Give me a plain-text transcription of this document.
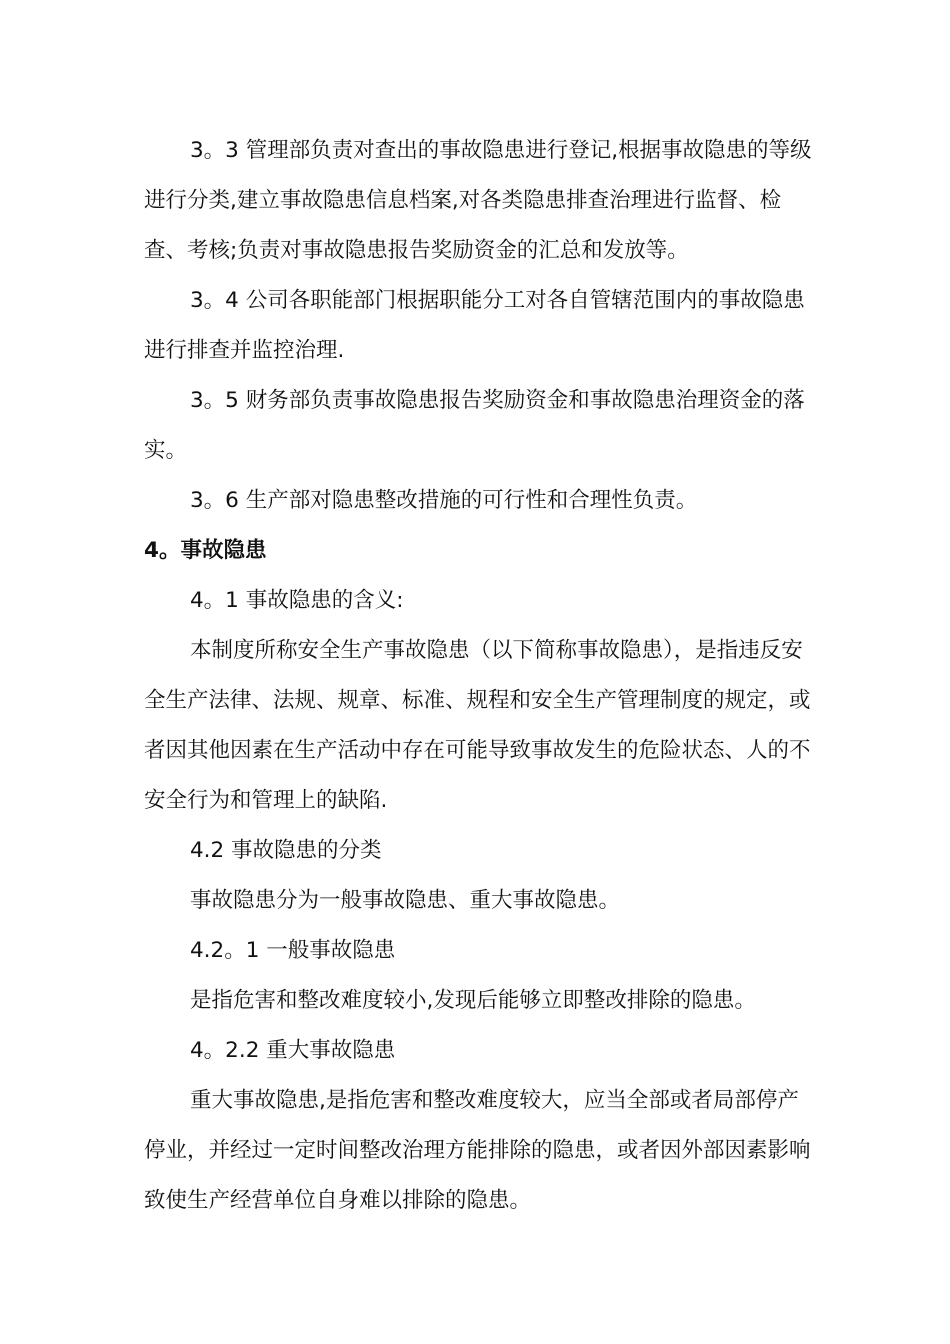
3。3 管理部负责对查出的事故隐患进行登记,根据事故隐患的等级进行分类,建立事故隐患信息档案,对各类隐患排查治理进行监督、检查、考核;负责对事故隐患报告奖励资金的汇总和发放等。

3。4 公司各职能部门根据职能分工对各自管辖范围内的事故隐患进行排查并监控治理.

3。5 财务部负责事故隐患报告奖励资金和事故隐患治理资金的落实。

3。6 生产部对隐患整改措施的可行性和合理性负责。

4。事故隐患

4。1 事故隐患的含义:

本制度所称安全生产事故隐患（以下简称事故隐患），是指违反安全生产法律、法规、规章、标准、规程和安全生产管理制度的规定，或者因其他因素在生产活动中存在可能导致事故发生的危险状态、人的不安全行为和管理上的缺陷.

4.2 事故隐患的分类

事故隐患分为一般事故隐患、重大事故隐患。

4.2。1 一般事故隐患

是指危害和整改难度较小,发现后能够立即整改排除的隐患。

4。2.2 重大事故隐患

重大事故隐患,是指危害和整改难度较大，应当全部或者局部停产停业，并经过一定时间整改治理方能排除的隐患，或者因外部因素影响致使生产经营单位自身难以排除的隐患。
